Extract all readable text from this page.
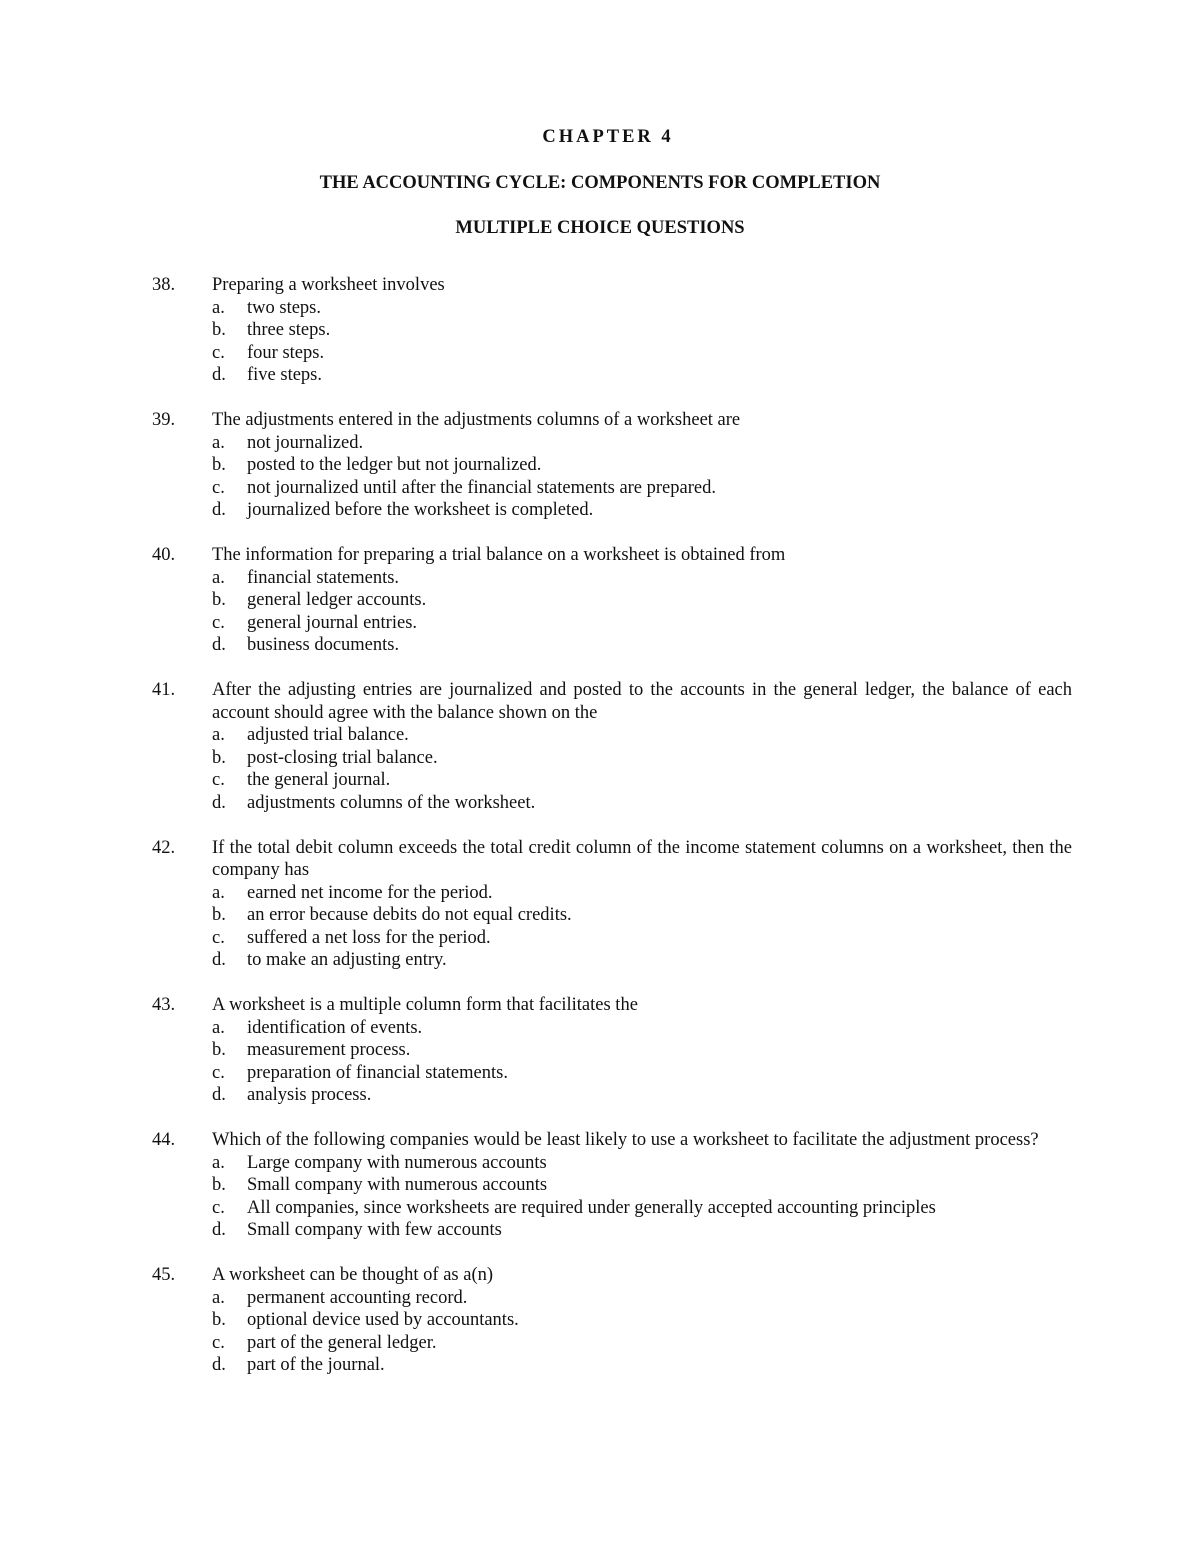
CHAPTER 4
THE ACCOUNTING CYCLE: COMPONENTS FOR COMPLETION
MULTIPLE CHOICE QUESTIONS
38.	Preparing a worksheet involves
a. two steps.
b. three steps.
c. four steps.
d. five steps.
39.	The adjustments entered in the adjustments columns of a worksheet are
a. not journalized.
b. posted to the ledger but not journalized.
c. not journalized until after the financial statements are prepared.
d. journalized before the worksheet is completed.
40.	The information for preparing a trial balance on a worksheet is obtained from
a. financial statements.
b. general ledger accounts.
c. general journal entries.
d. business documents.
41.	After the adjusting entries are journalized and posted to the accounts in the general ledger, the balance of each account should agree with the balance shown on the
a. adjusted trial balance.
b. post-closing trial balance.
c. the general journal.
d. adjustments columns of the worksheet.
42.	If the total debit column exceeds the total credit column of the income statement columns on a worksheet, then the company has
a. earned net income for the period.
b. an error because debits do not equal credits.
c. suffered a net loss for the period.
d. to make an adjusting entry.
43.	A worksheet is a multiple column form that facilitates the
a. identification of events.
b. measurement process.
c. preparation of financial statements.
d. analysis process.
44.	Which of the following companies would be least likely to use a worksheet to facilitate the adjustment process?
a. Large company with numerous accounts
b. Small company with numerous accounts
c. All companies, since worksheets are required under generally accepted accounting principles
d. Small company with few accounts
45.	A worksheet can be thought of as a(n)
a. permanent accounting record.
b. optional device used by accountants.
c. part of the general ledger.
d. part of the journal.
